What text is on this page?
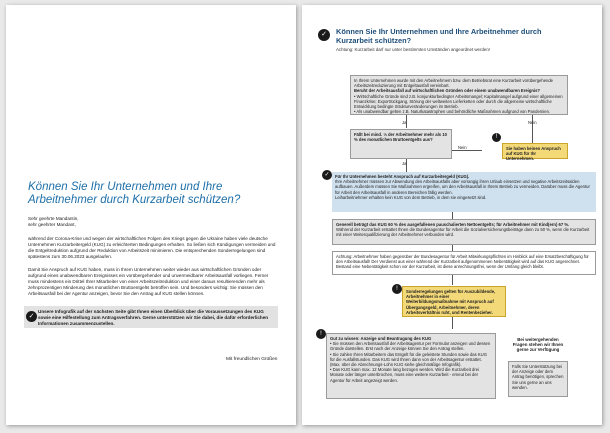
Können Sie Ihr Unternehmen und Ihre Arbeitnehmer durch Kurzarbeit schützen?

Sehr geehrte Mandantin,
sehr geehrter Mandant,

während der Corona-Krise und wegen der wirtschaftlichen Folgen des Kriegs gegen die Ukraine haben viele deutsche Unternehmen Kurzarbeitergeld (KUG) zu erleichterten Bedingungen erhalten. So ließen sich Kündigungen vermeiden und die Entgeltreduktion aufgrund der Reduktion von Arbeitszeit minimieren. Die entsprechenden Sonderregelungen sind spätestens zum 30.06.2023 ausgelaufen.

Damit Sie Anspruch auf KUG haben, muss in Ihrem Unternehmen weiter wieder aus wirtschaftlichen Gründen oder aufgrund eines unabwendbaren Ereignisses ein vorübergehender und unvermeidbarer Arbeitsausfall vorliegen. Ferner muss mindestens ein Drittel Ihrer Mitarbeiter von einer Arbeitszeitreduktion und einer daraus resultierenden mehr als zehnprozentigen Minderung des monatlichen Bruttoentgelts betroffen sein. Und besonders wichtig: Sie müssen den Arbeitsausfall bei der Agentur anzeigen, bevor Sie den Antrag auf KUG stellen können.

✓

Unsere Infografik auf der nächsten Seite gibt Ihnen einen Überblick über die Voraussetzungen des KUG sowie eine Hilfestellung zum Antragsverfahren. Gerne unterstützen wir Sie dabei, die dafür erforderlichen Informationen zusammenzustellen.

Mit freundlichen Grüßen
✓	Können Sie Ihr Unternehmen und Ihre Arbeitnehmer durch Kurzarbeit schützen?
Achtung: Kurzarbeit darf nur unter bestimmten Umständen angeordnet werden!
In Ihrem Unternehmen wurde mit den Arbeitnehmern bzw. dem Betriebsrat eine Kurzarbeit vorübergehende Arbeitszeitreduzierung mit Entgeltausfall vereinbart.
Beruht der Arbeitsausfall auf wirtschaftlichen Gründen oder einem unabwendbaren Ereignis?
• Wirtschaftliche Gründe sind z.B. konjunkturbedingter Arbeitsmangel; Kapitalmangel aufgrund einer allgemeinen Finanzkrise; Exportrückgang, Störung der weltweiten Lieferketten oder durch die allgemeine wirtschaftliche Entwicklung bedingte Strukturveränderungen im Betrieb.
• Als unabwendbar gelten z.B. Naturkatastrophen und behördliche Maßnahmen aufgrund von Pandemien.
Ja	Nein
Fällt bei mind. ⅓ der Arbeitnehmer mehr als 10 % des monatlichen Bruttoentgelts aus?
Nein
!
Sie haben keinen Anspruch auf KUG für Ihr Unternehmen.
Ja
✓	Für Ihr Unternehmen besteht Anspruch auf Kurzarbeitergeld (KUG).
Ihre Arbeitnehmer müssen zur Abwendung des Arbeitsausfalls aber vorrangig ihren Urlaub einsetzen und negative Arbeitszeitsalden aufbauen. Außerdem müssen Sie Maßnahmen ergreifen, um den Arbeitsausfall in Ihrem Betrieb zu vermeiden. Darüber muss die Agentur für Arbeit den Arbeitsausfall in anderen Bereichen fällig werden.
Leiharbeitnehmer erhalten kein KUG von dem Betrieb, in dem sie eingesetzt sind.
Generell beträgt das KUG 60 % des ausgefallenen pauschalierten Nettoentgelts; für Arbeitnehmer mit Kind(ern) 67 %.
Während der Kurzarbeit erstattet Ihnen die Bundesagentur für Arbeit die Sozialversicherungsbeiträge dann zu 50 %, wenn die Kurzarbeit mit einer Weiterqualifizierung der Arbeitnehmer verbunden wird.
Achtung: Arbeitnehmer haben gegenüber der Bundesagentur für Arbeit Mitwirkungspflichten im Hinblick auf eine Ersatzbeschäftigung für den Arbeitsausfall! Der Verdienst aus einer während der Kurzarbeit aufgenommenen Nebentätigkeit wird auf das KUG angerechnet. Bestand eine Nebentätigkeit schon vor der Kurzarbeit, ist diese anrechnungsfrei, wenn der Umfang gleich bleibt.
!	Sonderregelungen gelten für Auszubildende, Arbeitnehmer in einer Weiterbildungsmaßnahme mit Anspruch auf Übergangsgeld, Arbeitnehmer, deren Arbeitsverhältnis ruht, und Rentenbezieher.
!
Gut zu wissen: Anzeige und Beantragung des KUG
• Sie müssen den Arbeitsausfall der Arbeitsagentur per Formular anzeigen und dessen Gründe darstellen. Erst nach der Anzeige können Sie den Antrag stellen.
• Sie zahlen Ihren Mitarbeitern das Entgelt für die geleistete Stunden sowie das KUG für die Ausfallstunden. Das KUG wird Ihnen dann von der Arbeitsagentur erstattet. (Max. über die Abrechnungs-Lohn KUG siehe gleichmäßige Infografik).
• Das KUG kann max. 12 Monate lang bezogen werden. Wird die Kurzarbeit drei Monate oder länger unterbrochen, muss eine weitere Kurzarbeit - erneut bei der Agentur für Arbeit angezeigt werden.
Bei weitergehenden Fragen stehen wir Ihnen gerne zur Verfügung
Falls Sie Unterstützung bei der Anzeige oder dem Antrag benötigen, sprechen Sie uns gerne an uns wenden.
